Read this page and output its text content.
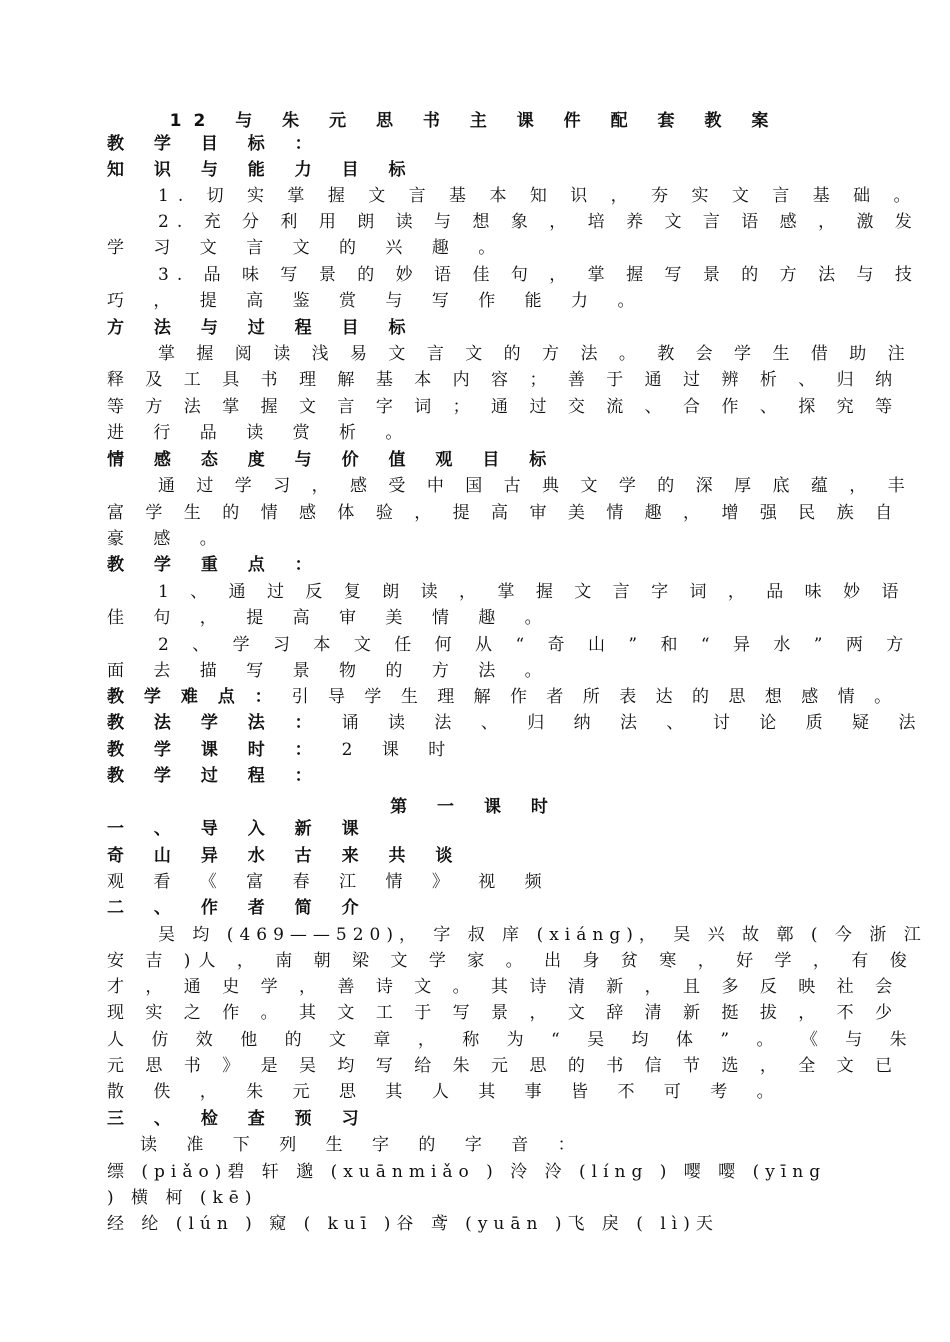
12 与 朱 元 思 书 主 课 件 配 套 教 案

教 学 目 标 ：

知 识 与 能 力 目 标

1. 切 实 掌 握 文 言 基 本 知 识 ， 夯 实 文 言 基 础 。

2. 充 分 利 用 朗 读 与 想 象 ， 培 养 文 言 语 感 ， 激 发

学 习 文 言 文 的 兴 趣 。

3. 品 味 写 景 的 妙 语 佳 句 ， 掌 握 写 景 的 方 法 与 技

巧 ， 提 高 鉴 赏 与 写 作 能 力 。

方 法 与 过 程 目 标

掌 握 阅 读 浅 易 文 言 文 的 方 法 。 教 会 学 生 借 助 注

释 及 工 具 书 理 解 基 本 内 容 ； 善 于 通 过 辨 析 、 归 纳

等 方 法 掌 握 文 言 字 词 ； 通 过 交 流 、 合 作 、 探 究 等

进 行 品 读 赏 析 。

情 感 态 度 与 价 值 观 目 标

通 过 学 习 ， 感 受 中 国 古 典 文 学 的 深 厚 底 蕴 ， 丰

富 学 生 的 情 感 体 验 ， 提 高 审 美 情 趣 ， 增 强 民 族 自

豪 感 。

教 学 重 点 ：

1 、 通 过 反 复 朗 读 ， 掌 握 文 言 字 词 ， 品 味 妙 语

佳 句 ， 提 高 审 美 情 趣 。

2 、 学 习 本 文 任 何 从 “ 奇 山 ” 和 “ 异 水 ” 两 方

面 去 描 写 景 物 的 方 法 。

教 学 难 点 ： 引 导 学 生 理 解 作 者 所 表 达 的 思 想 感 情 。

教 法 学 法 ： 诵 读 法 、 归 纳 法 、 讨 论 质 疑 法

教 学 课 时 ： 2 课 时

教 学 过 程 ：

第 一 课 时

一 、 导 入 新 课

奇 山 异 水 古 来 共 谈

观 看 《 富 春 江 情 》 视 频

二 、 作 者 简 介

吴 均 (469——520)， 字 叔 庠 (xiáng)， 吴 兴 故 鄣 ( 今 浙 江

安 吉 )人 ， 南 朝 梁 文 学 家 。 出 身 贫 寒 ， 好 学 ， 有 俊

才 ， 通 史 学 ， 善 诗 文 。 其 诗 清 新 ， 且 多 反 映 社 会

现 实 之 作 。 其 文 工 于 写 景 ， 文 辞 清 新 挺 拔 ， 不 少

人 仿 效 他 的 文 章 ， 称 为 “ 吴 均 体 ” 。 《 与 朱

元 思 书 》 是 吴 均 写 给 朱 元 思 的 书 信 节 选 ， 全 文 已

散 佚 ， 朱 元 思 其 人 其 事 皆 不 可 考 。

三 、 检 查 预 习

读 准 下 列 生 字 的 字 音 ：

缥 (piǎo)碧 轩 邈 (xuānmiǎo ) 泠 泠 (líng ) 嘤 嘤 (yīng

) 横 柯 (kē)

经 纶 (lún ) 窥 ( kuī )谷 鸢 (yuān )飞 戾 ( lì)天
